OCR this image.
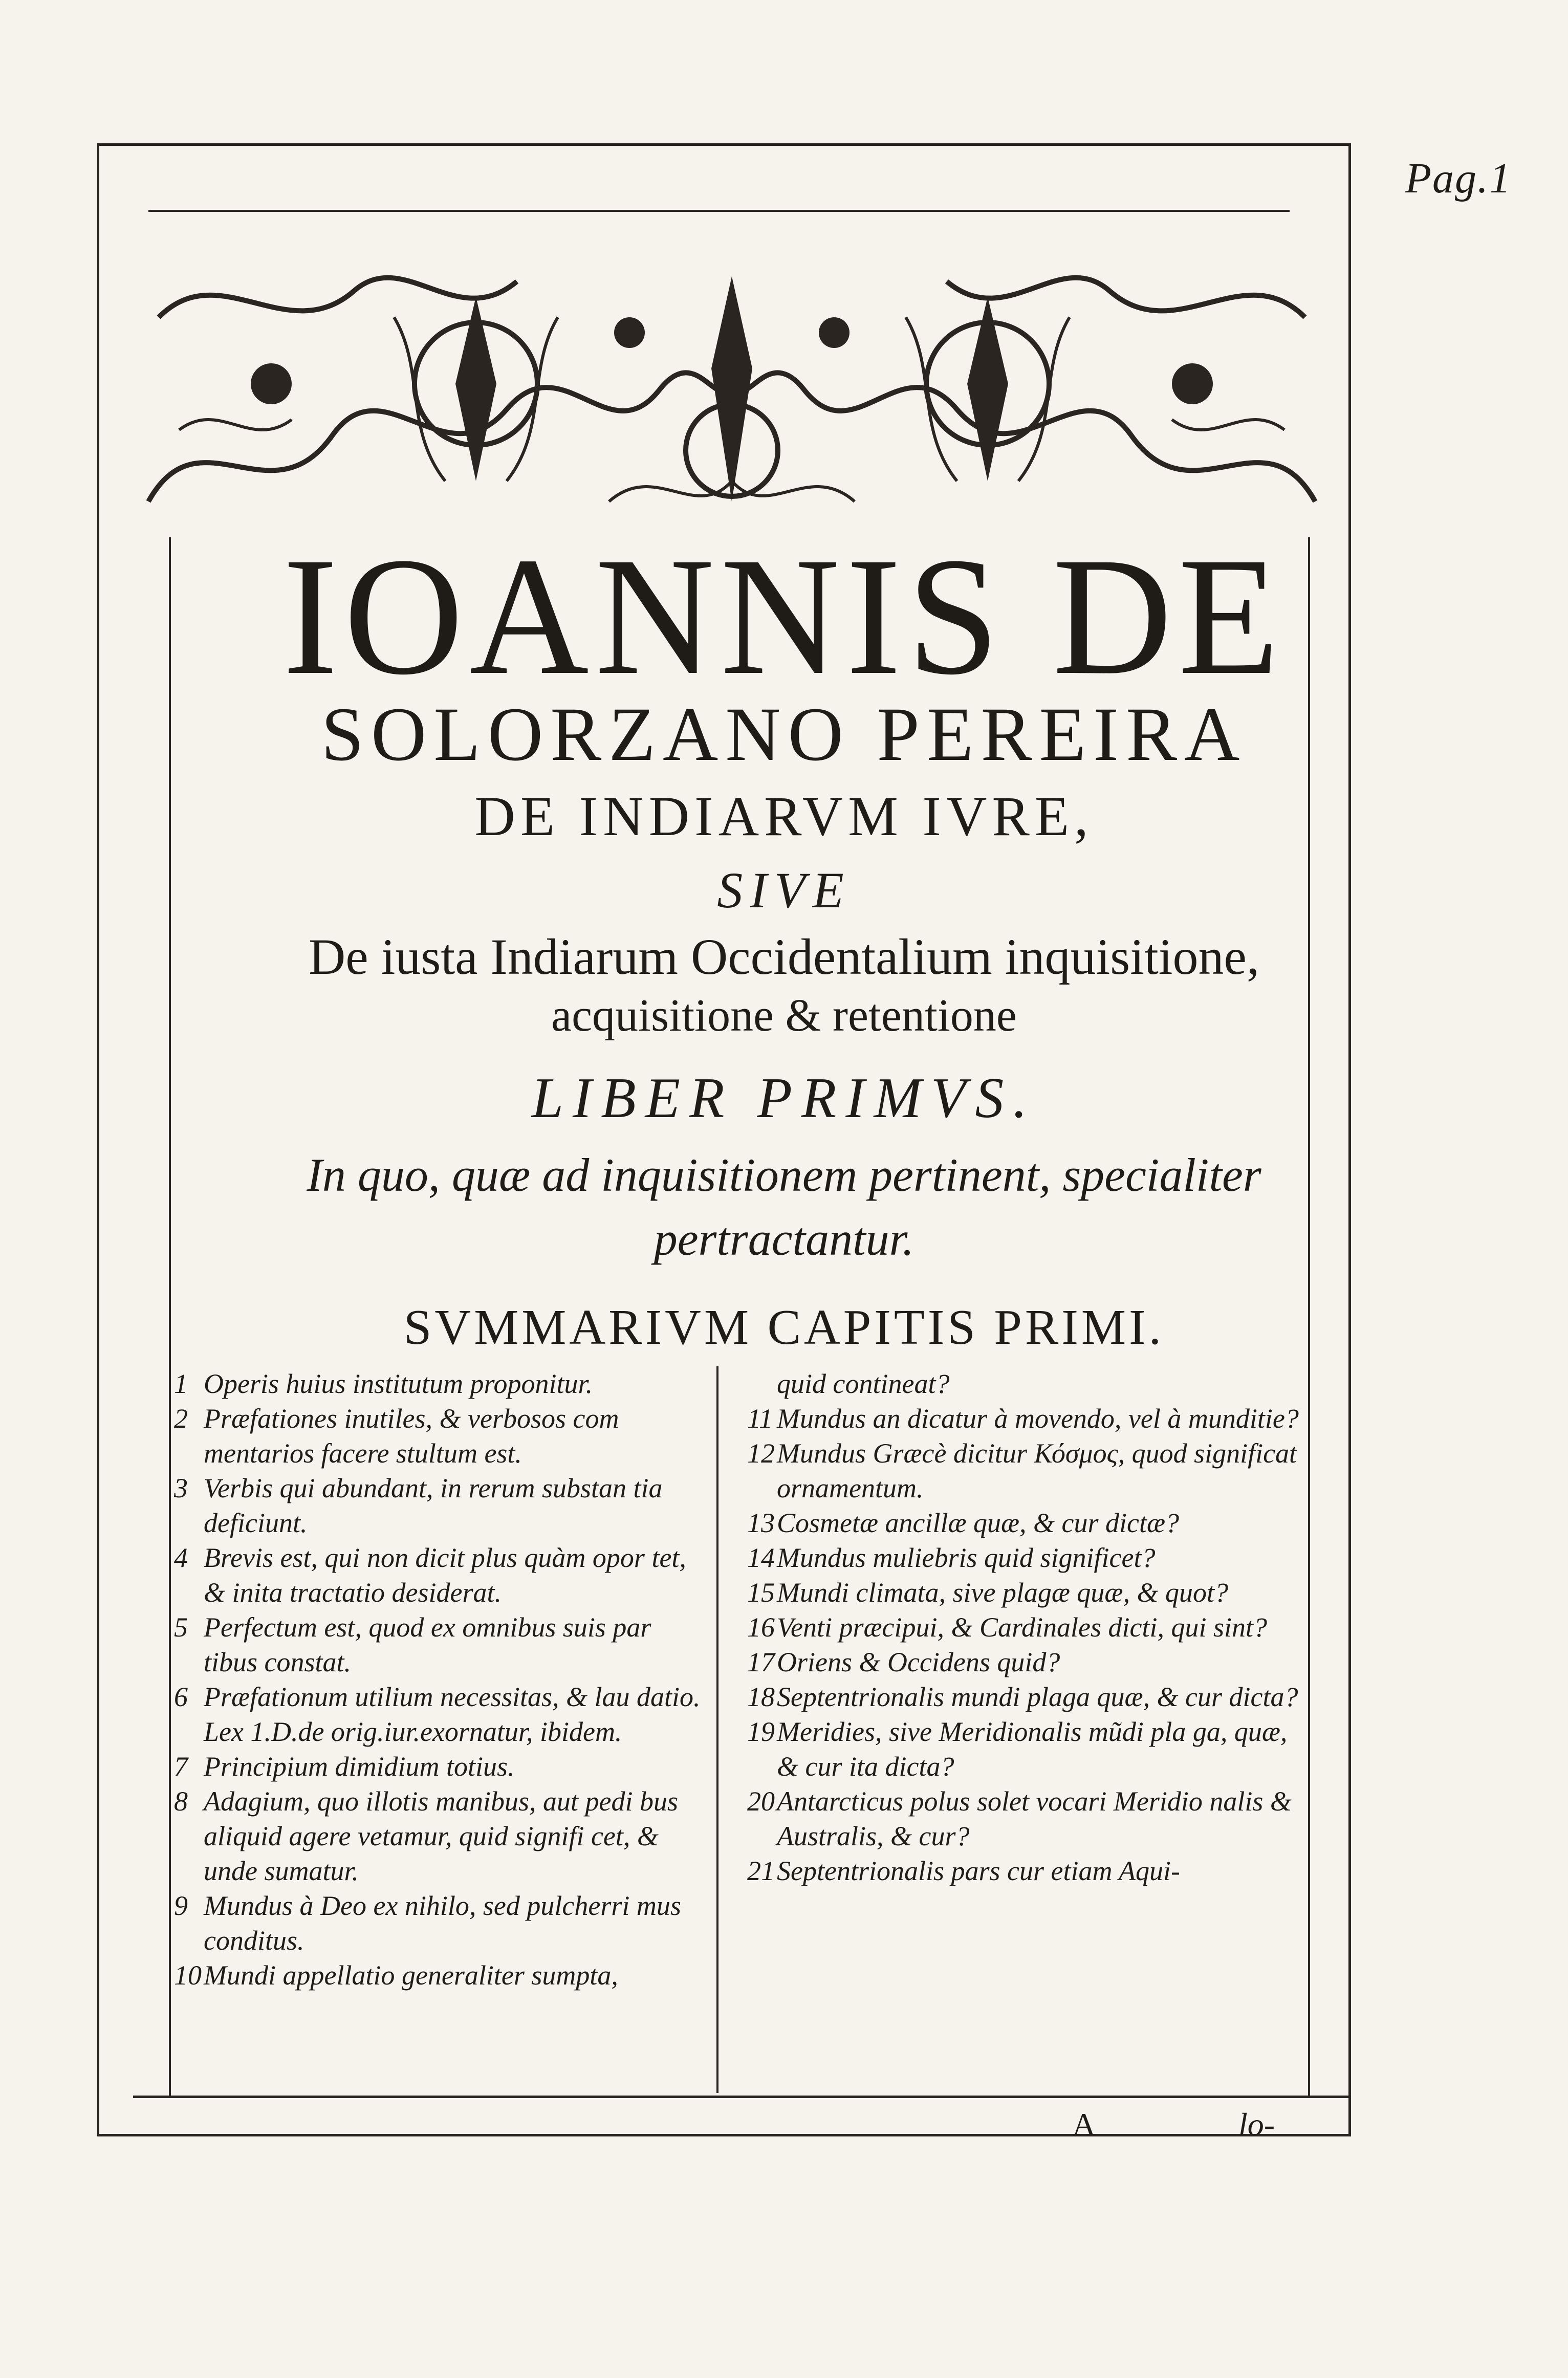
Pag.1
IOANNIS DE
SOLORZANO PEREIRA
DE INDIARVM IVRE,
SIVE
De iusta Indiarum Occidentalium inquisitione,
acquisitione & retentione
LIBER PRIMVS.
In quo, quæ ad inquisitionem pertinent, specialiter
pertractantur.
SVMMARIVM CAPITIS PRIMI.
1 Operis huius institutum proponitur.
2 Præfationes inutiles, & verbosos com mentarios facere stultum est.
3 Verbis qui abundant, in rerum substan tia deficiunt.
4 Brevis est, qui non dicit plus quàm opor tet, & inita tractatio desiderat.
5 Perfectum est, quod ex omnibus suis par tibus constat.
6 Præfationum utilium necessitas, & lau datio.
Lex 1.D.de orig.iur.exornatur, ibidem.
7 Principium dimidium totius.
8 Adagium, quo illotis manibus, aut pedi bus aliquid agere vetamur, quid signifi cet, & unde sumatur.
9 Mundus à Deo ex nihilo, sed pulcherri mus conditus.
10 Mundi appellatio generaliter sumpta,
quid contineat?
11 Mundus an dicatur à movendo, vel à munditie?
12 Mundus Græcè dicitur Κόσμος, quod significat ornamentum.
13 Cosmetæ ancillæ quæ, & cur dictæ?
14 Mundus muliebris quid significet?
15 Mundi climata, sive plagæ quæ, & quot?
16 Venti præcipui, & Cardinales dicti, qui sint?
17 Oriens & Occidens quid?
18 Septentrionalis mundi plaga quæ, & cur dicta?
19 Meridies, sive Meridionalis mũdi pla ga, quæ, & cur ita dicta?
20 Antarcticus polus solet vocari Meridio nalis & Australis, & cur?
21 Septentrionalis pars cur etiam Aqui-
A	lo-
